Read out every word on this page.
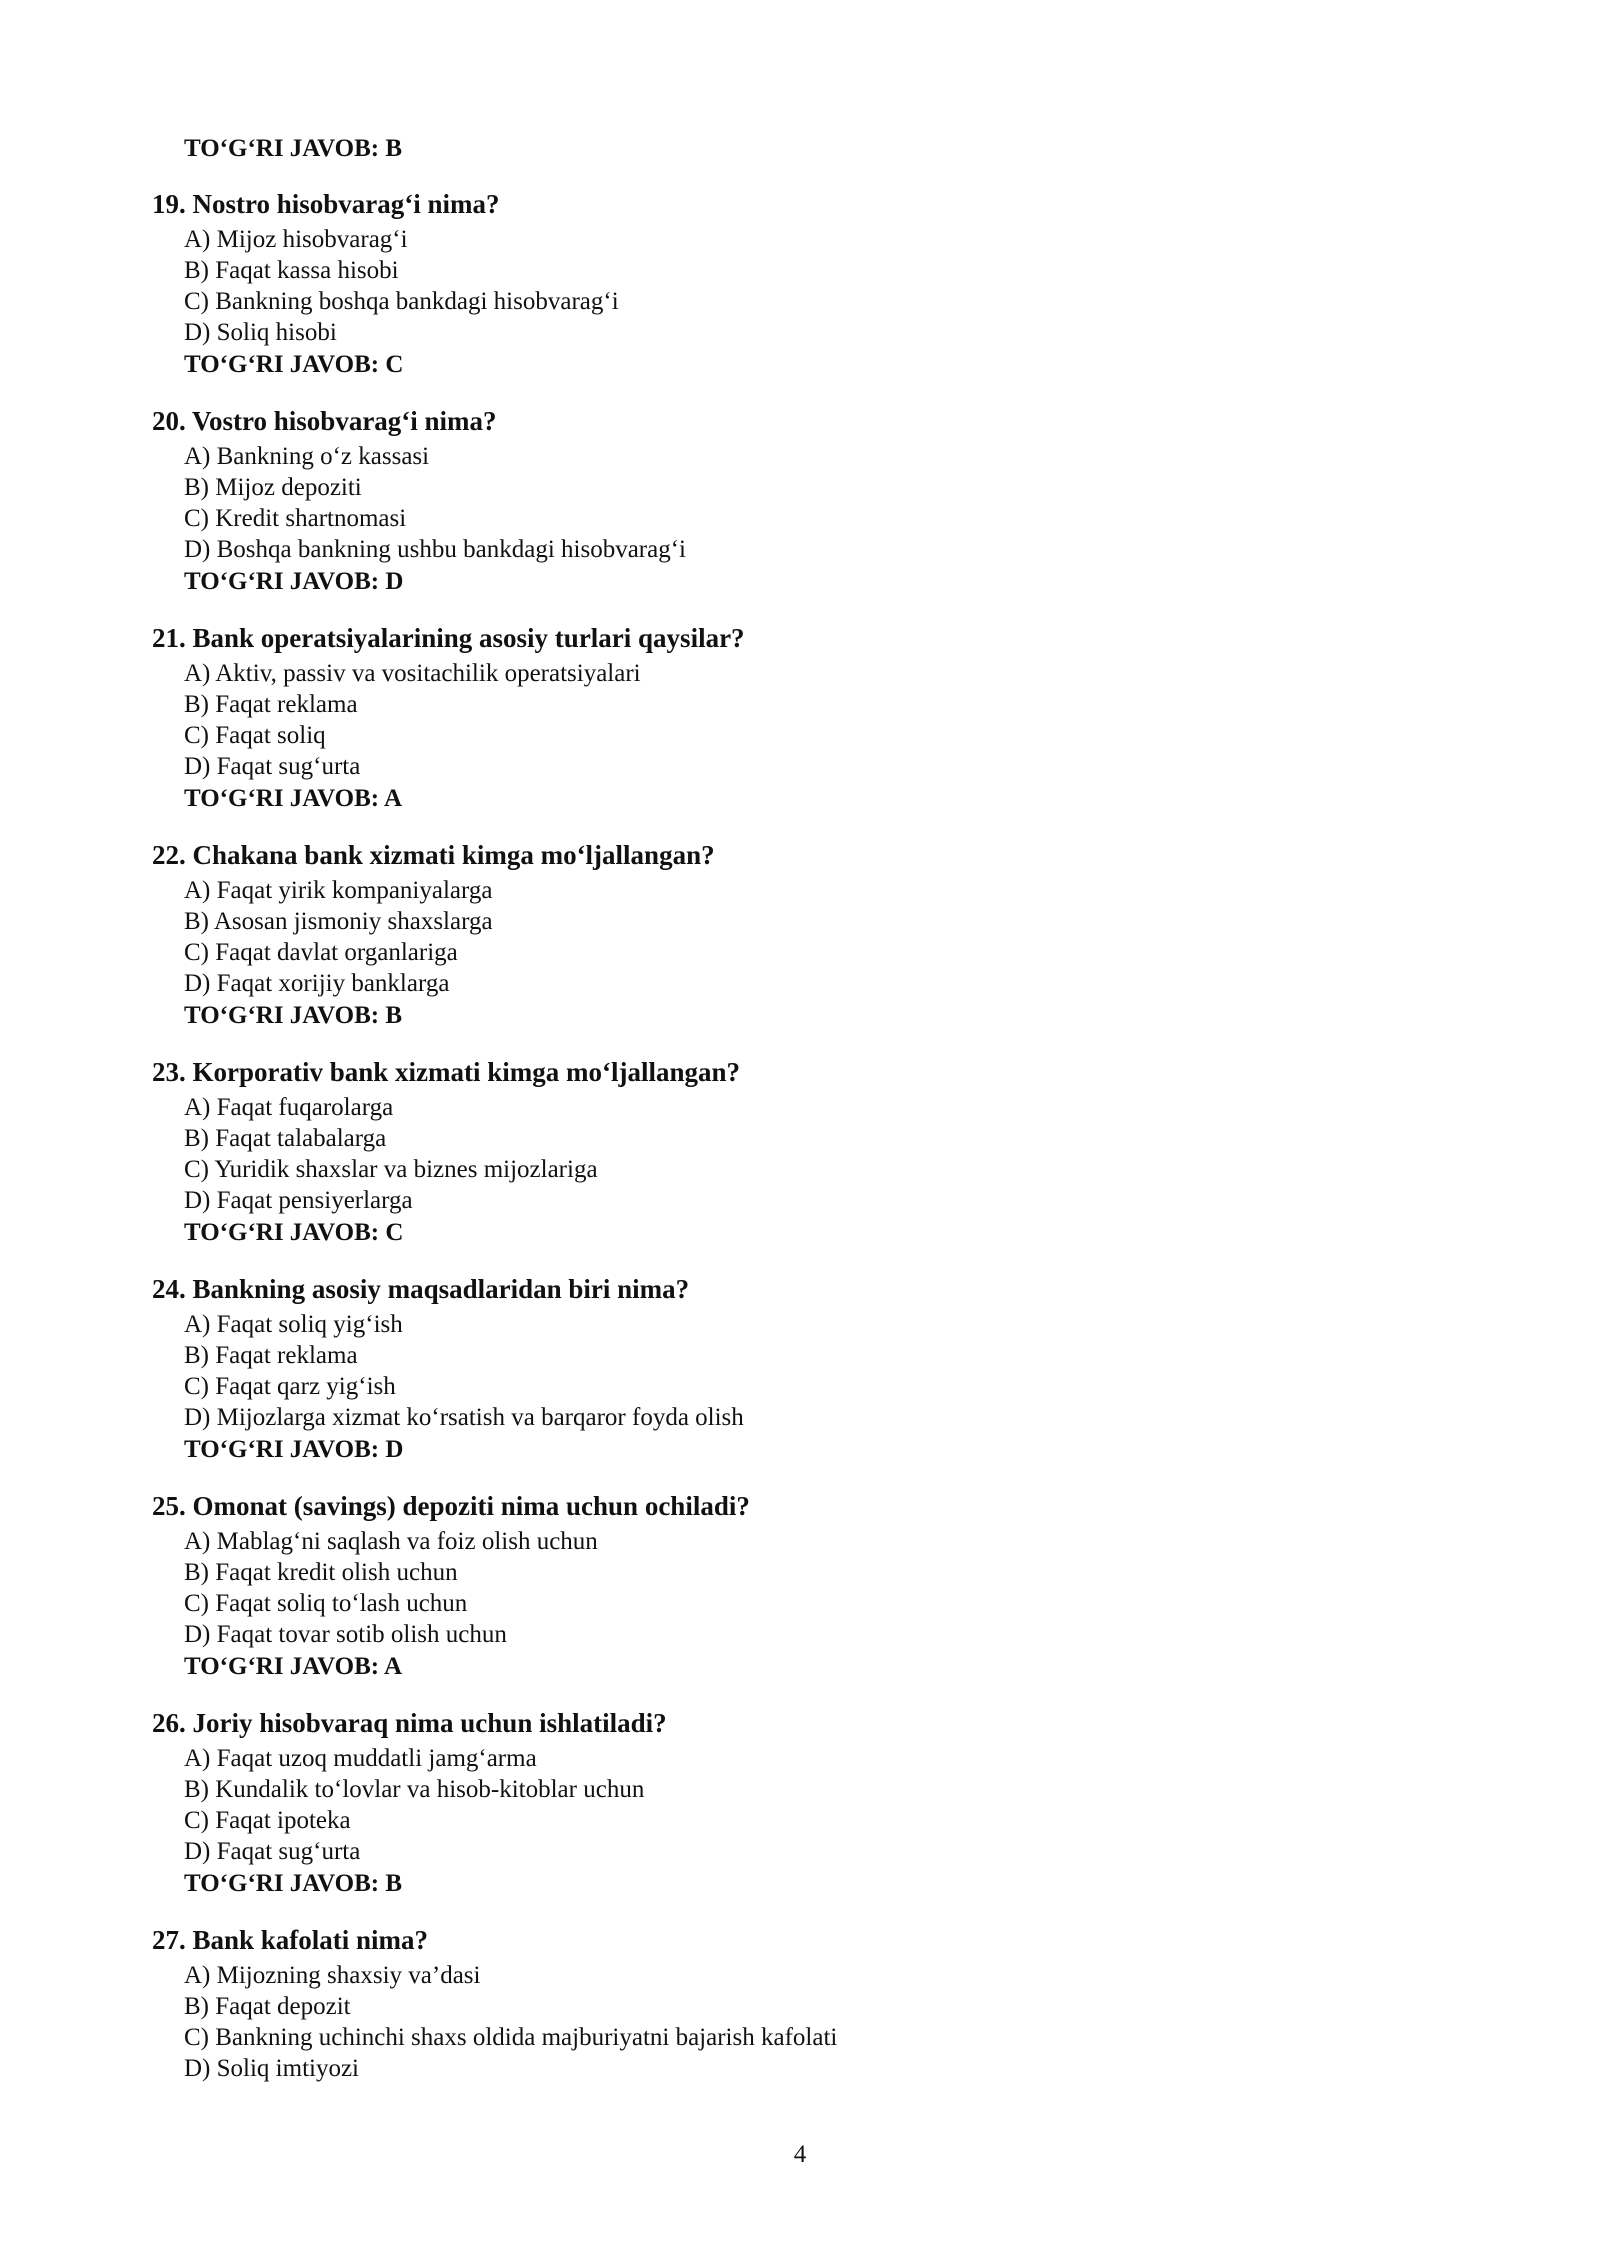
TO‘G‘RI JAVOB: B
19. Nostro hisobvarag‘i nima?
A) Mijoz hisobvarag‘i
B) Faqat kassa hisobi
C) Bankning boshqa bankdagi hisobvarag‘i
D) Soliq hisobi
TO‘G‘RI JAVOB: C
20. Vostro hisobvarag‘i nima?
A) Bankning o‘z kassasi
B) Mijoz depoziti
C) Kredit shartnomasi
D) Boshqa bankning ushbu bankdagi hisobvarag‘i
TO‘G‘RI JAVOB: D
21. Bank operatsiyalarining asosiy turlari qaysilar?
A) Aktiv, passiv va vositachilik operatsiyalari
B) Faqat reklama
C) Faqat soliq
D) Faqat sug‘urta
TO‘G‘RI JAVOB: A
22. Chakana bank xizmati kimga mo‘ljallangan?
A) Faqat yirik kompaniyalarga
B) Asosan jismoniy shaxslarga
C) Faqat davlat organlariga
D) Faqat xorijiy banklarga
TO‘G‘RI JAVOB: B
23. Korporativ bank xizmati kimga mo‘ljallangan?
A) Faqat fuqarolarga
B) Faqat talabalarga
C) Yuridik shaxslar va biznes mijozlariga
D) Faqat pensiyerlarga
TO‘G‘RI JAVOB: C
24. Bankning asosiy maqsadlaridan biri nima?
A) Faqat soliq yig‘ish
B) Faqat reklama
C) Faqat qarz yig‘ish
D) Mijozlarga xizmat ko‘rsatish va barqaror foyda olish
TO‘G‘RI JAVOB: D
25. Omonat (savings) depoziti nima uchun ochiladi?
A) Mablag‘ni saqlash va foiz olish uchun
B) Faqat kredit olish uchun
C) Faqat soliq to‘lash uchun
D) Faqat tovar sotib olish uchun
TO‘G‘RI JAVOB: A
26. Joriy hisobvaraq nima uchun ishlatiladi?
A) Faqat uzoq muddatli jamg‘arma
B) Kundalik to‘lovlar va hisob-kitoblar uchun
C) Faqat ipoteka
D) Faqat sug‘urta
TO‘G‘RI JAVOB: B
27. Bank kafolati nima?
A) Mijozning shaxsiy va’dasi
B) Faqat depozit
C) Bankning uchinchi shaxs oldida majburiyatni bajarish kafolati
D) Soliq imtiyozi
4
